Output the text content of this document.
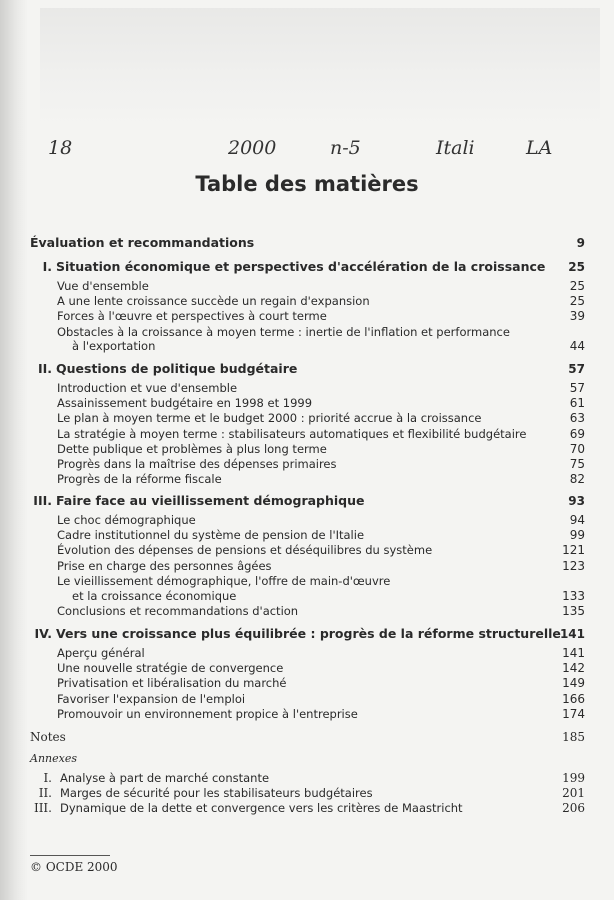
18	2000	n-5	Itali	LA
Table des matières
Évaluation et recommandations	9
I. Situation économique et perspectives d'accélération de la croissance 25
Vue d'ensemble	25
A une lente croissance succède un regain d'expansion	25
Forces à l'œuvre et perspectives à court terme	39
Obstacles à la croissance à moyen terme : inertie de l'inflation et performance
à l'exportation	44
II. Questions de politique budgétaire	57
Introduction et vue d'ensemble	57
Assainissement budgétaire en 1998 et 1999	61
Le plan à moyen terme et le budget 2000 : priorité accrue à la croissance	63
La stratégie à moyen terme : stabilisateurs automatiques et flexibilité budgétaire	69
Dette publique et problèmes à plus long terme	70
Progrès dans la maîtrise des dépenses primaires	75
Progrès de la réforme fiscale	82
III. Faire face au vieillissement démographique	93
Le choc démographique	94
Cadre institutionnel du système de pension de l'Italie	99
Évolution des dépenses de pensions et déséquilibres du système	121
Prise en charge des personnes âgées	123
Le vieillissement démographique, l'offre de main-d'œuvre
et la croissance économique	133
Conclusions et recommandations d'action	135
IV. Vers une croissance plus équilibrée : progrès de la réforme structurelle 141
Aperçu général	141
Une nouvelle stratégie de convergence	142
Privatisation et libéralisation du marché	149
Favoriser l'expansion de l'emploi	166
Promouvoir un environnement propice à l'entreprise	174
Notes	185
I. Analyse à part de marché constante	199
II. Marges de sécurité pour les stabilisateurs budgétaires	201
III. Dynamique de la dette et convergence vers les critères de Maastricht	206
Annexes
© OCDE 2000
